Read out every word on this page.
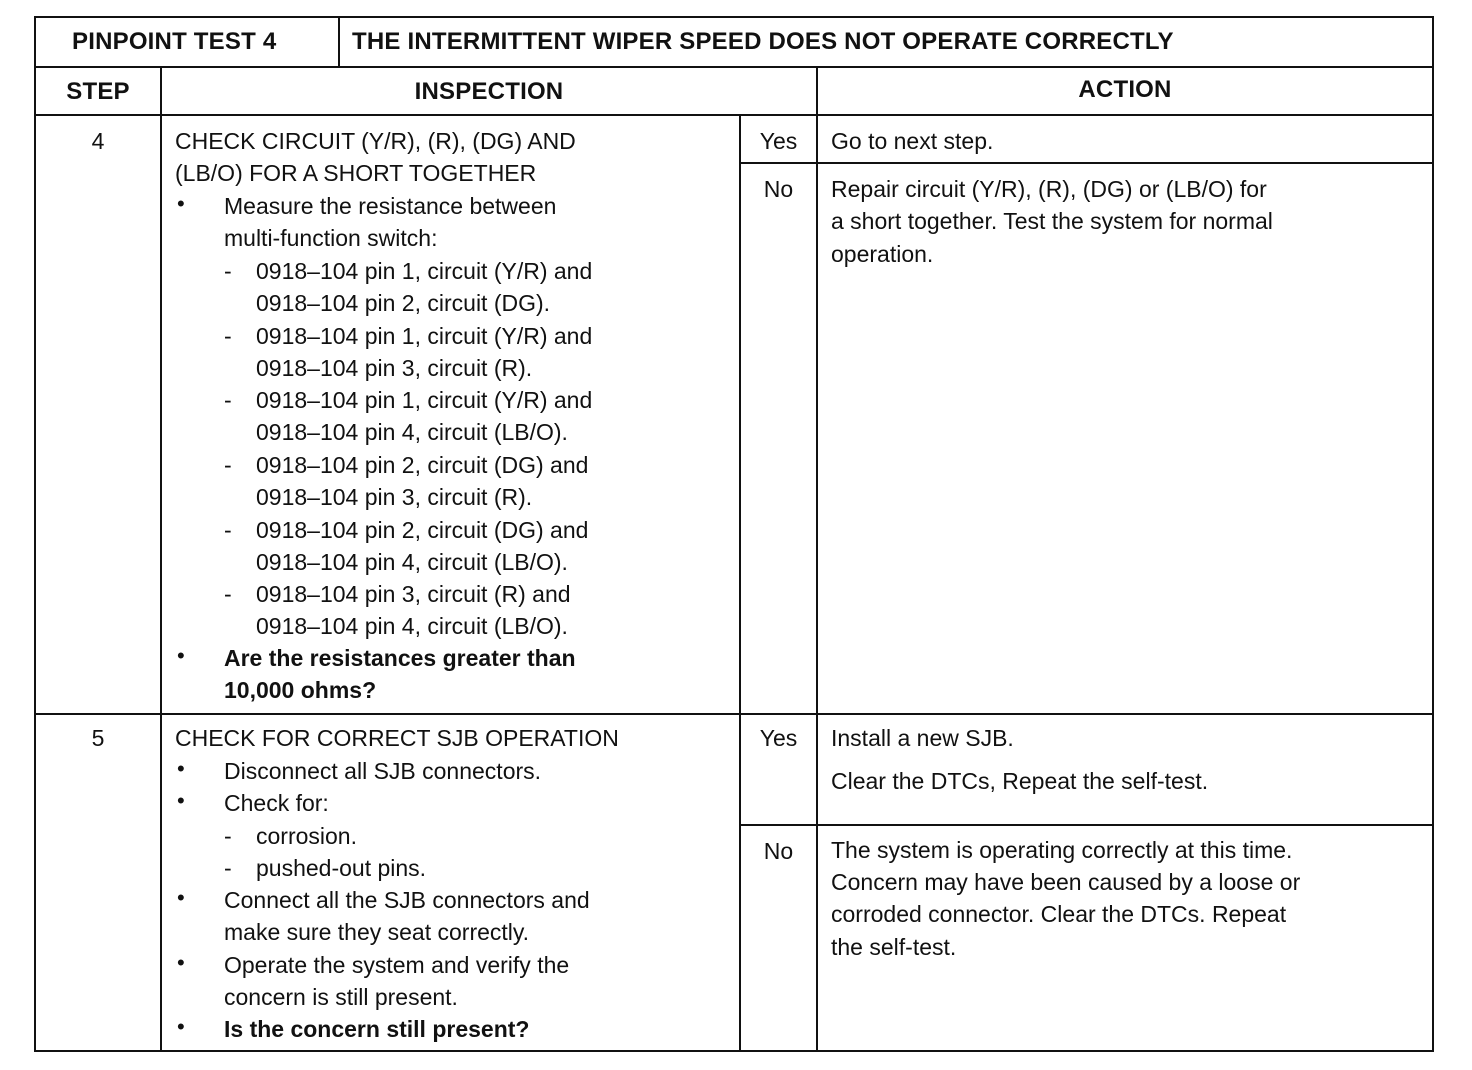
PINPOINT TEST 4	THE INTERMITTENT WIPER SPEED DOES NOT OPERATE CORRECTLY
STEP	INSPECTION	ACTION
4	CHECK CIRCUIT (Y/R), (R), (DG) AND
(LB/O) FOR A SHORT TOGETHER
• Measure the resistance between
multi-function switch:
- 0918–104 pin 1, circuit (Y/R) and
0918–104 pin 2, circuit (DG).
- 0918–104 pin 1, circuit (Y/R) and
0918–104 pin 3, circuit (R).
- 0918–104 pin 1, circuit (Y/R) and
0918–104 pin 4, circuit (LB/O).
- 0918–104 pin 2, circuit (DG) and
0918–104 pin 3, circuit (R).
- 0918–104 pin 2, circuit (DG) and
0918–104 pin 4, circuit (LB/O).
- 0918–104 pin 3, circuit (R) and
0918–104 pin 4, circuit (LB/O).
• Are the resistances greater than
10,000 ohms?
Yes	Go to next step.
No	Repair circuit (Y/R), (R), (DG) or (LB/O) for
a short together. Test the system for normal
operation.
5	CHECK FOR CORRECT SJB OPERATION
• Disconnect all SJB connectors.
• Check for:
- corrosion.
- pushed-out pins.
• Connect all the SJB connectors and
make sure they seat correctly.
• Operate the system and verify the
concern is still present.
• Is the concern still present?
Yes	Install a new SJB.
Clear the DTCs, Repeat the self-test.
No	The system is operating correctly at this time.
Concern may have been caused by a loose or
corroded connector. Clear the DTCs. Repeat
the self-test.
